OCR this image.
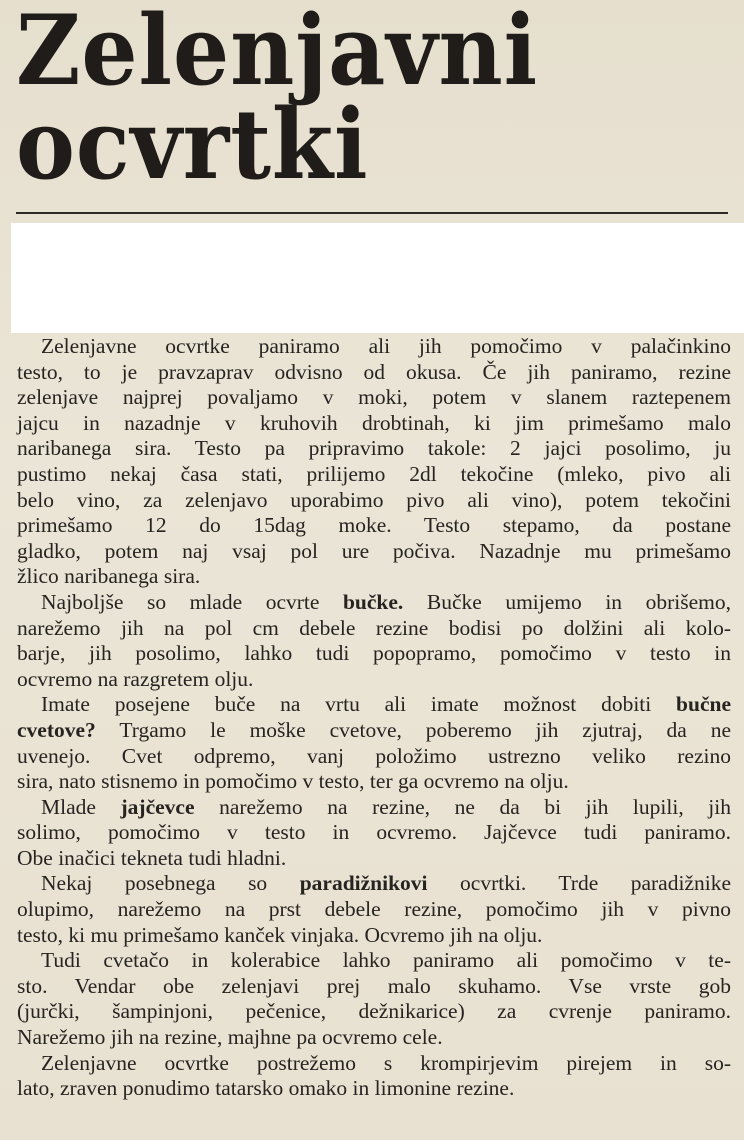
Zelenjavni
ocvrtki

Zelenjavne ocvrtke paniramo ali jih pomočimo v palačinkino
testo, to je pravzaprav odvisno od okusa. Če jih paniramo, rezine
zelenjave najprej povaljamo v moki, potem v slanem raztepenem
jajcu in nazadnje v kruhovih drobtinah, ki jim primešamo malo
naribanega sira. Testo pa pripravimo takole: 2 jajci posolimo, ju
pustimo nekaj časa stati, prilijemo 2dl tekočine (mleko, pivo ali
belo vino, za zelenjavo uporabimo pivo ali vino), potem tekočini
primešamo 12 do 15dag moke. Testo stepamo, da postane
gladko, potem naj vsaj pol ure počiva. Nazadnje mu primešamo
žlico naribanega sira.

Najboljše so mlade ocvrte bučke. Bučke umijemo in obrišemo,
narežemo jih na pol cm debele rezine bodisi po dolžini ali kolo-
barje, jih posolimo, lahko tudi popopramo, pomočimo v testo in
ocvremo na razgretem olju.

Imate posejene buče na vrtu ali imate možnost dobiti bučne
cvetove? Trgamo le moške cvetove, poberemo jih zjutraj, da ne
uvenejo. Cvet odpremo, vanj položimo ustrezno veliko rezino
sira, nato stisnemo in pomočimo v testo, ter ga ocvremo na olju.

Mlade jajčevce narežemo na rezine, ne da bi jih lupili, jih
solimo, pomočimo v testo in ocvremo. Jajčevce tudi paniramo.
Obe inačici tekneta tudi hladni.

Nekaj posebnega so paradižnikovi ocvrtki. Trde paradižnike
olupimo, narežemo na prst debele rezine, pomočimo jih v pivno
testo, ki mu primešamo kanček vinjaka. Ocvremo jih na olju.

Tudi cvetačo in kolerabice lahko paniramo ali pomočimo v te-
sto. Vendar obe zelenjavi prej malo skuhamo. Vse vrste gob
(jurčki, šampinjoni, pečenice, dežnikarice) za cvrenje paniramo.
Narežemo jih na rezine, majhne pa ocvremo cele.

Zelenjavne ocvrtke postrežemo s krompirjevim pirejem in so-
lato, zraven ponudimo tatarsko omako in limonine rezine.
